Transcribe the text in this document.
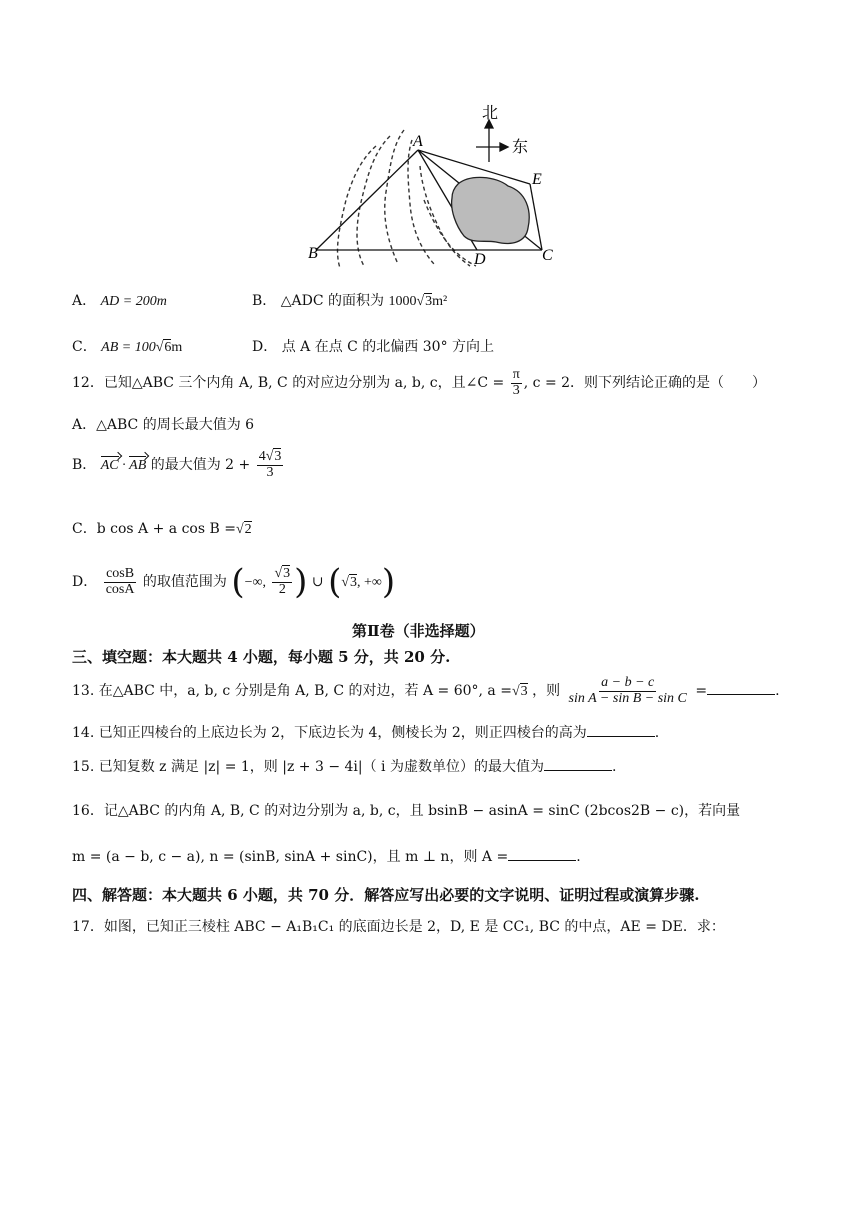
北
东
A
B	C
D
E
A． AD = 200m	B． △ADC 的面积为 1000√3m²
C． AB = 100√6m	D． 点 A 在点 C 的北偏西 30° 方向上
12．已知△ABC 三个内角 A, B, C 的对应边分别为 a, b, c，且∠C = $\frac{\pi}{3}$ , c = 2．则下列结论正确的是（　　）
A．△ABC 的周长最大值为 6
B． AC · AB 的最大值为 $2 + \frac{4√3}{3}$
C．b cos A + a cos B =√2
D． $\frac{\cos B}{\cos A}$ 的取值范围为 (−∞, $\frac{√3}{2}$ ) ∪ (√3, +∞)
第Ⅱ卷（非选择题）
三、填空题：本大题共 4 小题，每小题 5 分，共 20 分.
13. 在△ABC 中，a, b, c 分别是角 A, B, C 的对边，若 A = 60°, a =√3 ，则 $\frac{a - b - c}{\text{sin A − sin B − sin C}}$ =	.
14. 已知正四棱台的上底边长为 2，下底边长为 4，侧棱长为 2，则正四棱台的高为	.
15. 已知复数 z 满足 |z| = 1，则 |z + 3 − 4i|（ i 为虚数单位）的最大值为	.
16．记△ABC 的内角 A, B, C 的对边分别为 a, b, c，且 bsinB − asinA = sinC (2bcos2B − c)，若向量
m = (a − b, c − a), n = (sinB, sinA + sinC)，且 m ⊥ n，则 A =	.
四、解答题：本大题共 6 小题，共 70 分．解答应写出必要的文字说明、证明过程或演算步骤.
17．如图，已知正三棱柱 ABC − A₁B₁C₁ 的底面边长是 2，D, E 是 CC₁, BC 的中点，AE = DE．求：
